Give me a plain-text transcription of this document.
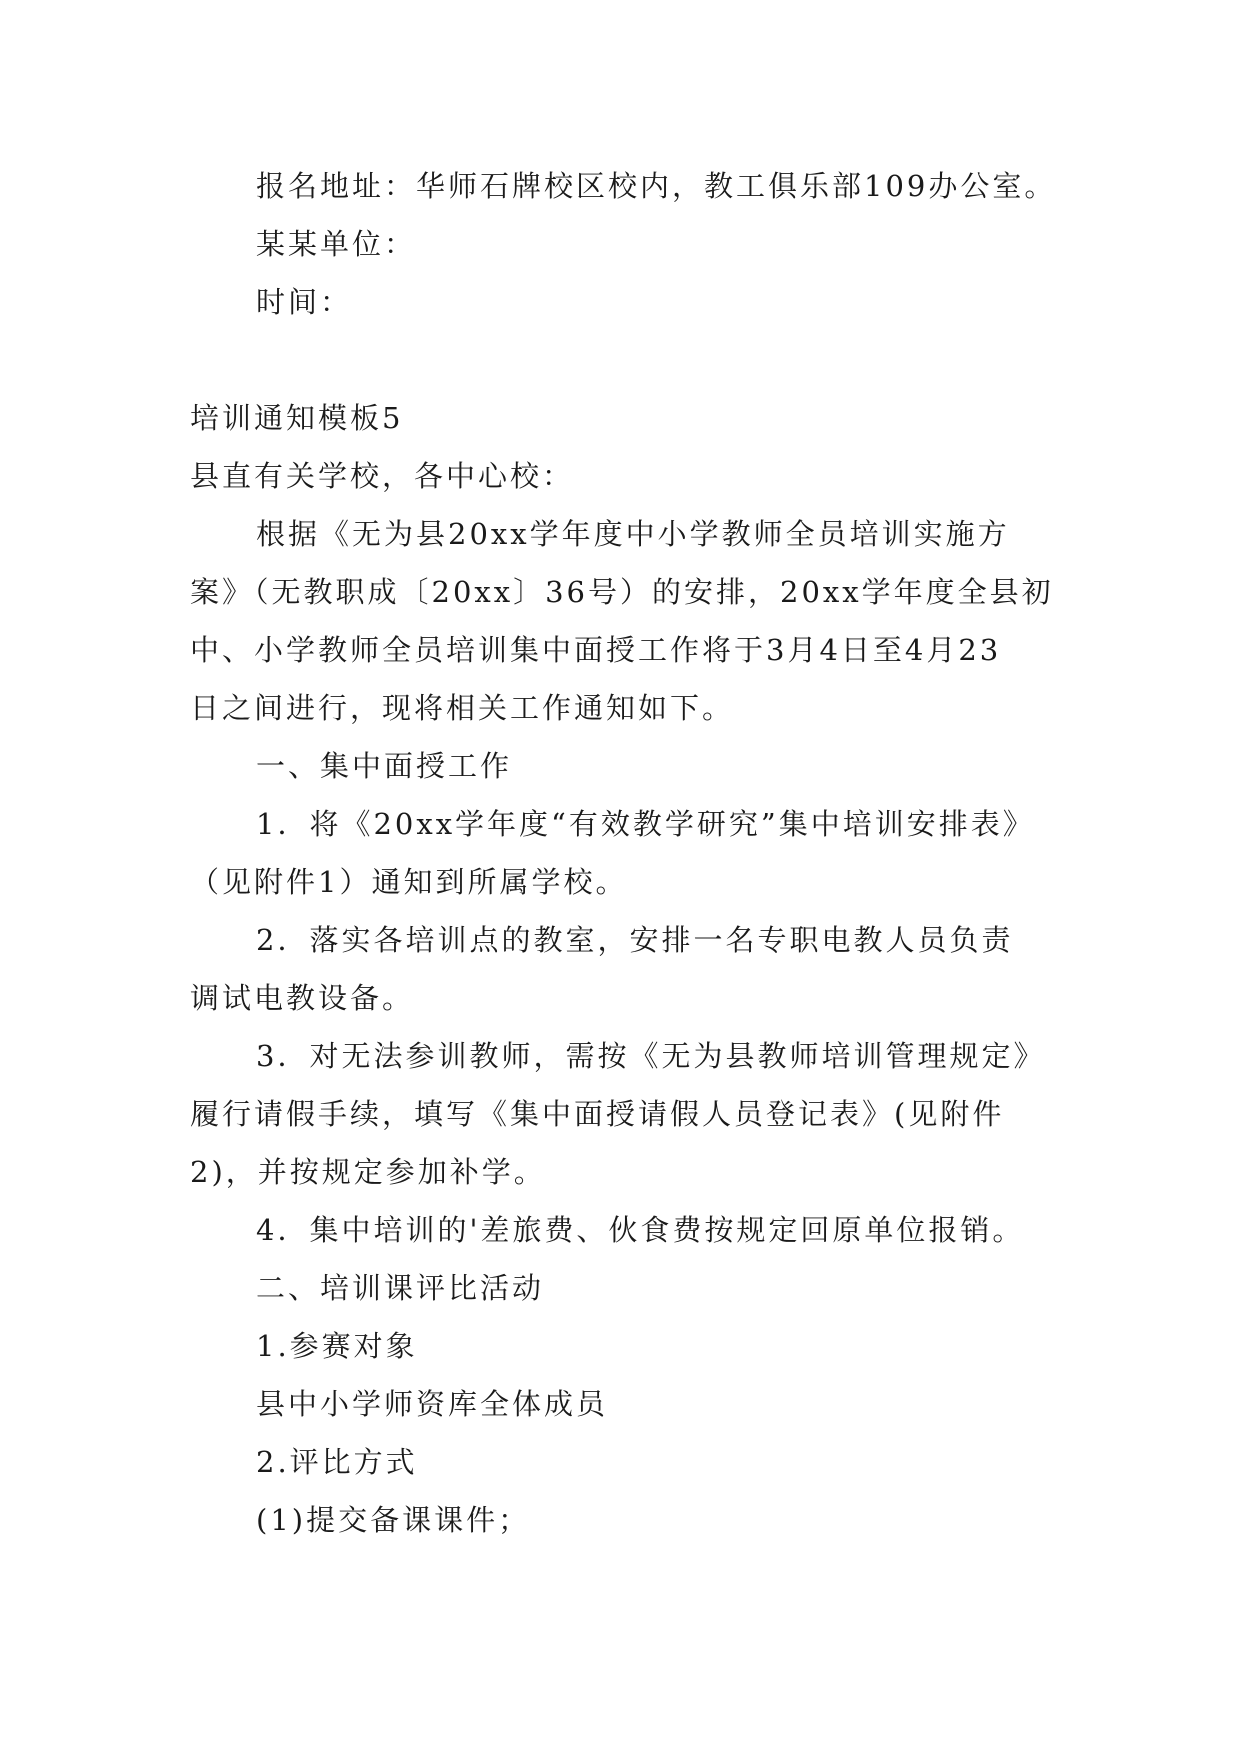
报名地址：华师石牌校区校内，教工俱乐部109办公室。
某某单位：
时间：
培训通知模板5
县直有关学校，各中心校：
根据《无为县20xx学年度中小学教师全员培训实施方
案》（无教职成〔20xx〕36号）的安排，20xx学年度全县初
中、小学教师全员培训集中面授工作将于3月4日至4月23
日之间进行，现将相关工作通知如下。
一、集中面授工作
1．将《20xx学年度“有效教学研究”集中培训安排表》
（见附件1）通知到所属学校。
2．落实各培训点的教室，安排一名专职电教人员负责
调试电教设备。
3．对无法参训教师，需按《无为县教师培训管理规定》
履行请假手续，填写《集中面授请假人员登记表》(见附件
2)，并按规定参加补学。
4．集中培训的'差旅费、伙食费按规定回原单位报销。
二、培训课评比活动
1.参赛对象
县中小学师资库全体成员
2.评比方式
(1)提交备课课件；
